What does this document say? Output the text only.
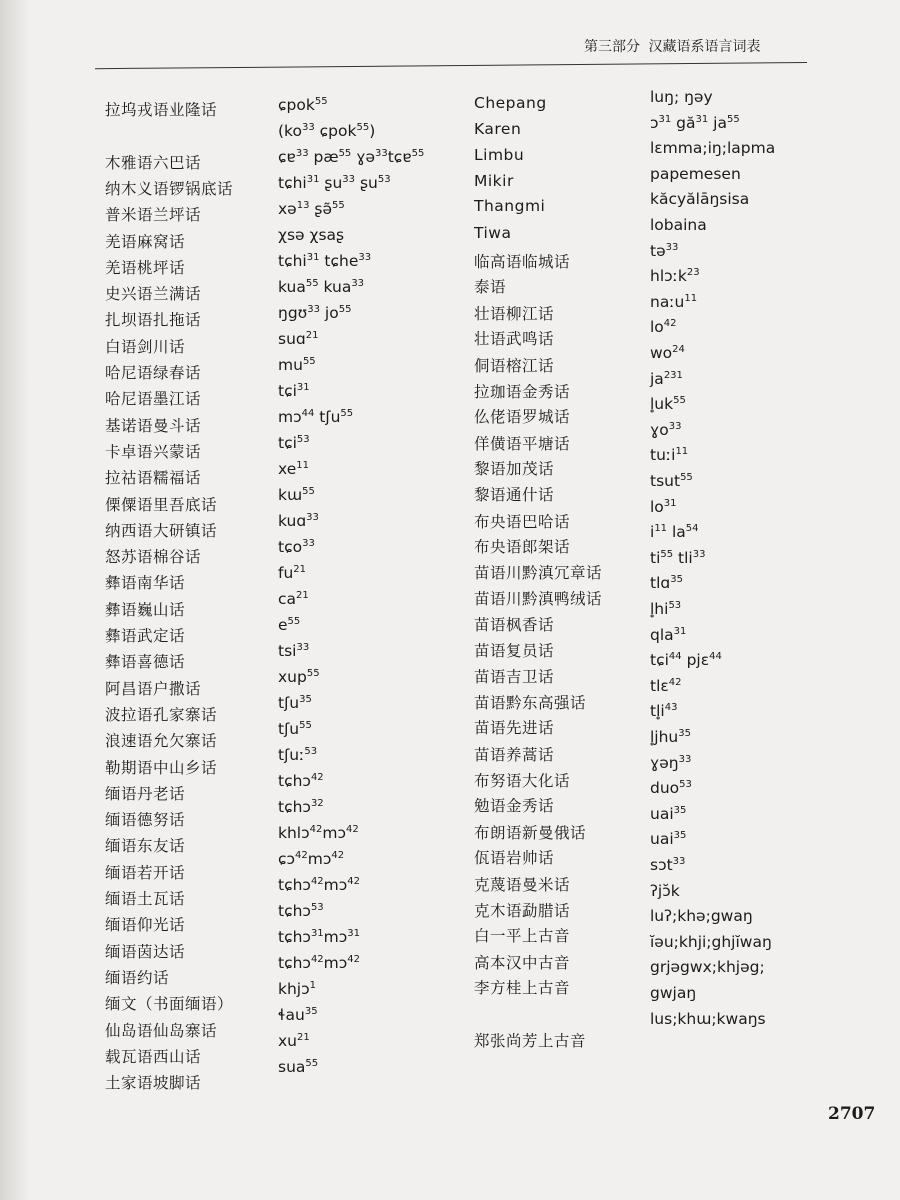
第三部分 汉藏语系语言词表
拉坞戎语业隆话
木雅语六巴话
纳木义语锣锅底话
普米语兰坪话
羌语麻窝话
羌语桃坪话
史兴语兰满话
扎坝语扎拖话
白语剑川话
哈尼语绿春话
哈尼语墨江话
基诺语曼斗话
卡卓语兴蒙话
拉祜语糯福话
傈僳语里吾底话
纳西语大研镇话
怒苏语棉谷话
彝语南华话
彝语巍山话
彝语武定话
彝语喜德话
阿昌语户撒话
波拉语孔家寨话
浪速语允欠寨话
勒期语中山乡话
缅语丹老话
缅语德努话
缅语东友话
缅语若开话
缅语土瓦话
缅语仰光话
缅语茵达话
缅语约话
缅文（书面缅语）
仙岛语仙岛寨话
载瓦语西山话
土家语坡脚话
ɕpok$^{55}$
($ko^{33}$ ɕpok$^{55}$)
ɕɐ$^{33}$ $pæ^{55}$ ɣə$^{33}$tɕɐ$^{55}$
tɕhi$^{31}$ ʂu$^{33}$ ʂu$^{53}$
xə$^{13}$ ʂə̃$^{55}$
χsə χsaʂ
tɕhi$^{31}$ tɕhe$^{33}$
kua$^{55}$ kua$^{33}$
ŋgʊ$^{33}$ $jo^{55}$
suɑ$^{21}$
$mu^{55}$
tɕi$^{31}$
mɔ$^{44}$ tʃu$^{55}$
tɕi$^{53}$
$xe^{11}$
kɯ$^{55}$
kuɑ$^{33}$
tɕo$^{33}$
$fu^{21}$
$ca^{21}$
$e^{55}$
tsi$^{33}$
xup$^{55}$
tʃu$^{35}$
tʃu$^{55}$
tʃuː$^{53}$
tɕhɔ$^{42}$
tɕhɔ$^{32}$
khlɔ$^{42}$mɔ$^{42}$
ɕɔ$^{42}$mɔ$^{42}$
tɕhɔ$^{42}$mɔ$^{42}$
tɕhɔ$^{53}$
tɕhɔ$^{31}$mɔ$^{31}$
tɕhɔ$^{42}$mɔ$^{42}$
khjɔ$^1$
ɬau$^{35}$
$xu^{21}$
sua$^{55}$
Chepang
Karen
Limbu
Mikir
Thangmi
Tiwa
临高语临城话
泰语
壮语柳江话
壮语武鸣话
侗语榕江话
拉珈语金秀话
仫佬语罗城话
佯僙语平塘话
黎语加茂话
黎语通什话
布央语巴哈话
布央语郎架话
苗语川黔滇冗章话
苗语川黔滇鸭绒话
苗语枫香话
苗语复员话
苗语吉卫话
苗语黔东高强话
苗语先进话
苗语养蒿话
布努语大化话
勉语金秀话
布朗语新曼俄话
佤语岩帅话
克蔑语曼米话
克木语勐腊话
白一平上古音
高本汉中古音
李方桂上古音
郑张尚芳上古音
luŋ; ŋəy
ɔ$^{31}$ $gă^{31}$ $ja^{55}$
lɛmma;iŋ;lapma
papemesen
kăcyălāŋsisa
lobaina
tə$^{33}$
hlɔːk$^{23}$
naːu$^{11}$
$lo^{42}$
$wo^{24}$
$ja^{231}$
$l̥uk^{55}$
ɣo$^{33}$
tuːi$^{11}$
tsut$^{55}$
$lo^{31}$
$i^{11}$ $la^{54}$
$ti^{55}$ tli$^{33}$
tlɑ$^{35}$
$l̥hi^{53}$
qla$^{31}$
tɕi$^{44}$ pjɛ$^{44}$
tlɛ$^{42}$
$tl̥i^{43}$
l̥jhu$^{35}$
ɣəŋ$^{33}$
duo$^{53}$
uai$^{35}$
uai$^{35}$
sɔt$^{33}$
ʔjɔ̆k
luʔ;khə;gwaŋ
ĭəu;khji;ghjĭwaŋ
grjəgwx;khjəg;
gwjaŋ
lus;khɯ;kwaŋs
2707
